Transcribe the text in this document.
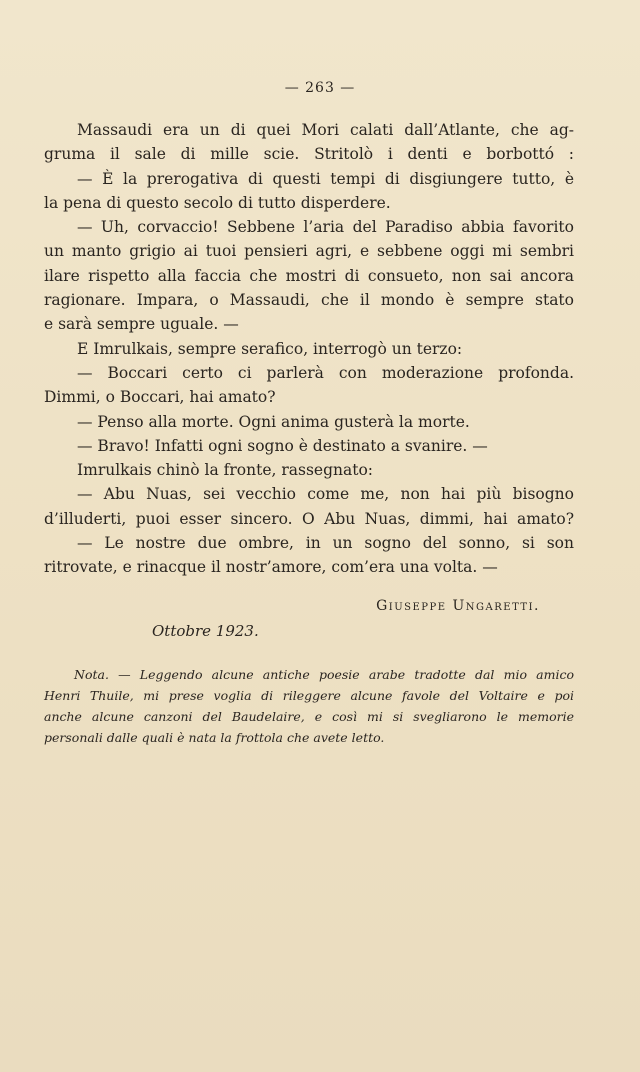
— 263 —
Massaudi era un di quei Mori calati dall’Atlante, che ag-
gruma il sale di mille scie. Stritolò i denti e borbottó :
— È la prerogativa di questi tempi di disgiungere tutto, è
la pena di questo secolo di tutto disperdere.
— Uh, corvaccio! Sebbene l’aria del Paradiso abbia favorito
un manto grigio ai tuoi pensieri agri, e sebbene oggi mi sembri
ilare rispetto alla faccia che mostri di consueto, non sai ancora
ragionare. Impara, o Massaudi, che il mondo è sempre stato
e sarà sempre uguale. —
E Imrulkais, sempre serafico, interrogò un terzo:
— Boccari certo ci parlerà con moderazione profonda.
Dimmi, o Boccari, hai amato?
— Penso alla morte. Ogni anima gusterà la morte.
— Bravo! Infatti ogni sogno è destinato a svanire. —
Imrulkais chinò la fronte, rassegnato:
— Abu Nuas, sei vecchio come me, non hai più bisogno
d’illuderti, puoi esser sincero. O Abu Nuas, dimmi, hai amato?
— Le nostre due ombre, in un sogno del sonno, si son
ritrovate, e rinacque il nostr’amore, com’era una volta. —
Giuseppe Ungaretti.
Ottobre 1923.
Nota. — Leggendo alcune antiche poesie arabe tradotte dal mio amico
Henri Thuile, mi prese voglia di rileggere alcune favole del Voltaire e poi
anche alcune canzoni del Baudelaire, e così mi si svegliarono le memorie
personali dalle quali è nata la frottola che avete letto.
